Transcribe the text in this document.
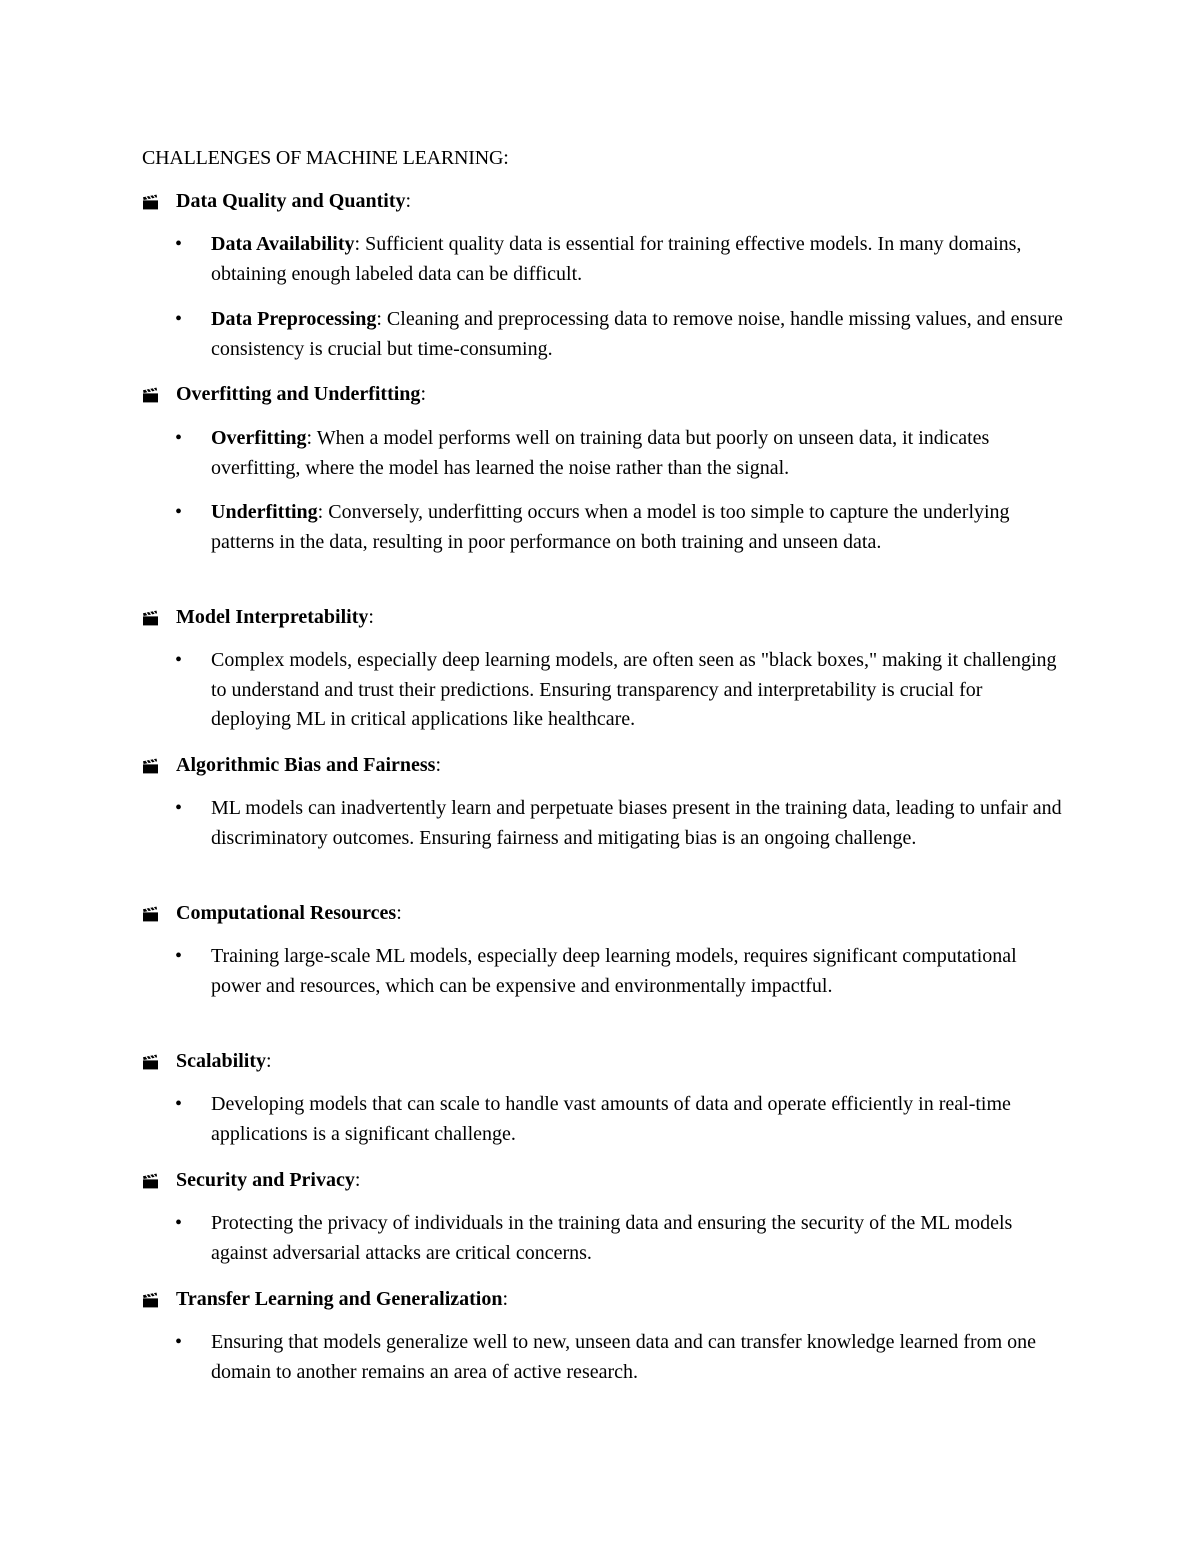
CHALLENGES OF MACHINE LEARNING:
Data Quality and Quantity :
•	Data Availability: Sufficient quality data is essential for training effective models. In many domains, obtaining enough labeled data can be difficult.
•	Data Preprocessing: Cleaning and preprocessing data to remove noise, handle missing values, and ensure consistency is crucial but time-consuming.
Overfitting and Underfitting :
•	Overfitting: When a model performs well on training data but poorly on unseen data, it indicates overfitting, where the model has learned the noise rather than the signal.
•	Underfitting: Conversely, underfitting occurs when a model is too simple to capture the underlying patterns in the data, resulting in poor performance on both training and unseen data.
Model Interpretability :
•	Complex models, especially deep learning models, are often seen as "black boxes," making it challenging to understand and trust their predictions. Ensuring transparency and interpretability is crucial for deploying ML in critical applications like healthcare.
Algorithmic Bias and Fairness :
•	ML models can inadvertently learn and perpetuate biases present in the training data, leading to unfair and discriminatory outcomes. Ensuring fairness and mitigating bias is an ongoing challenge.
Computational Resources :
•	Training large-scale ML models, especially deep learning models, requires significant computational power and resources, which can be expensive and environmentally impactful.
Scalability :
•	Developing models that can scale to handle vast amounts of data and operate efficiently in real-time applications is a significant challenge.
Security and Privacy :
•	Protecting the privacy of individuals in the training data and ensuring the security of the ML models against adversarial attacks are critical concerns.
Transfer Learning and Generalization :
•	Ensuring that models generalize well to new, unseen data and can transfer knowledge learned from one domain to another remains an area of active research.
